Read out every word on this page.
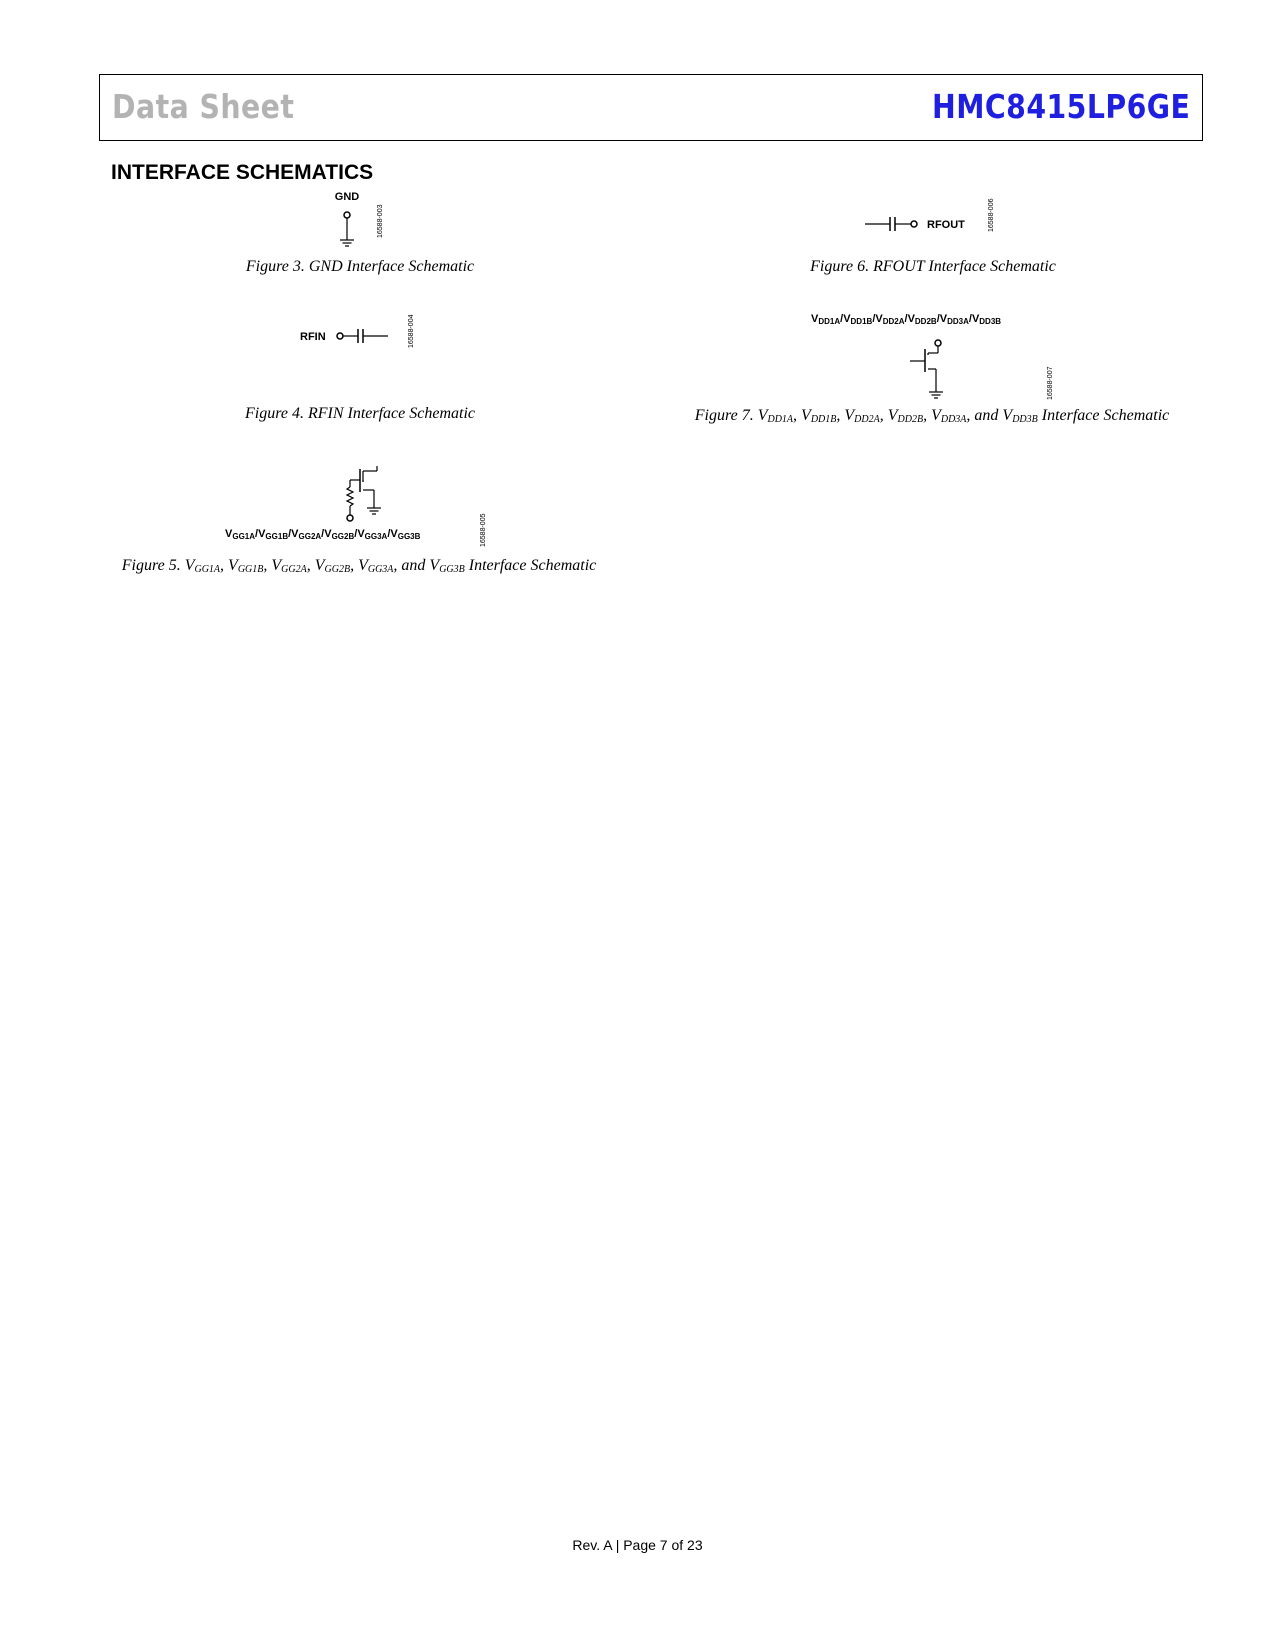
Data Sheet	HMC8415LP6GE
INTERFACE SCHEMATICS
GND
16588-003
Figure 3. GND Interface Schematic
RFIN	16588-004
Figure 4. RFIN Interface Schematic
$V_{GG1A}/V_{GG1B}/V_{GG2A}/V_{GG2B}/V_{GG3A}/V_{GG3B}$	16588-005
Figure 5. $V_{GG1A}$, $V_{GG1B}$, $V_{GG2A}$, $V_{GG2B}$, $V_{GG3A}$, and $V_{GG3B}$ Interface Schematic
RFOUT	16588-006
Figure 6. RFOUT Interface Schematic
$V_{DD1A}/V_{DD1B}/V_{DD2A}/V_{DD2B}/V_{DD3A}/V_{DD3B}$
16588-007
Figure 7. $V_{DD1A}$, $V_{DD1B}$, $V_{DD2A}$, $V_{DD2B}$, $V_{DD3A}$, and $V_{DD3B}$ Interface Schematic
Rev. A | Page 7 of 23
